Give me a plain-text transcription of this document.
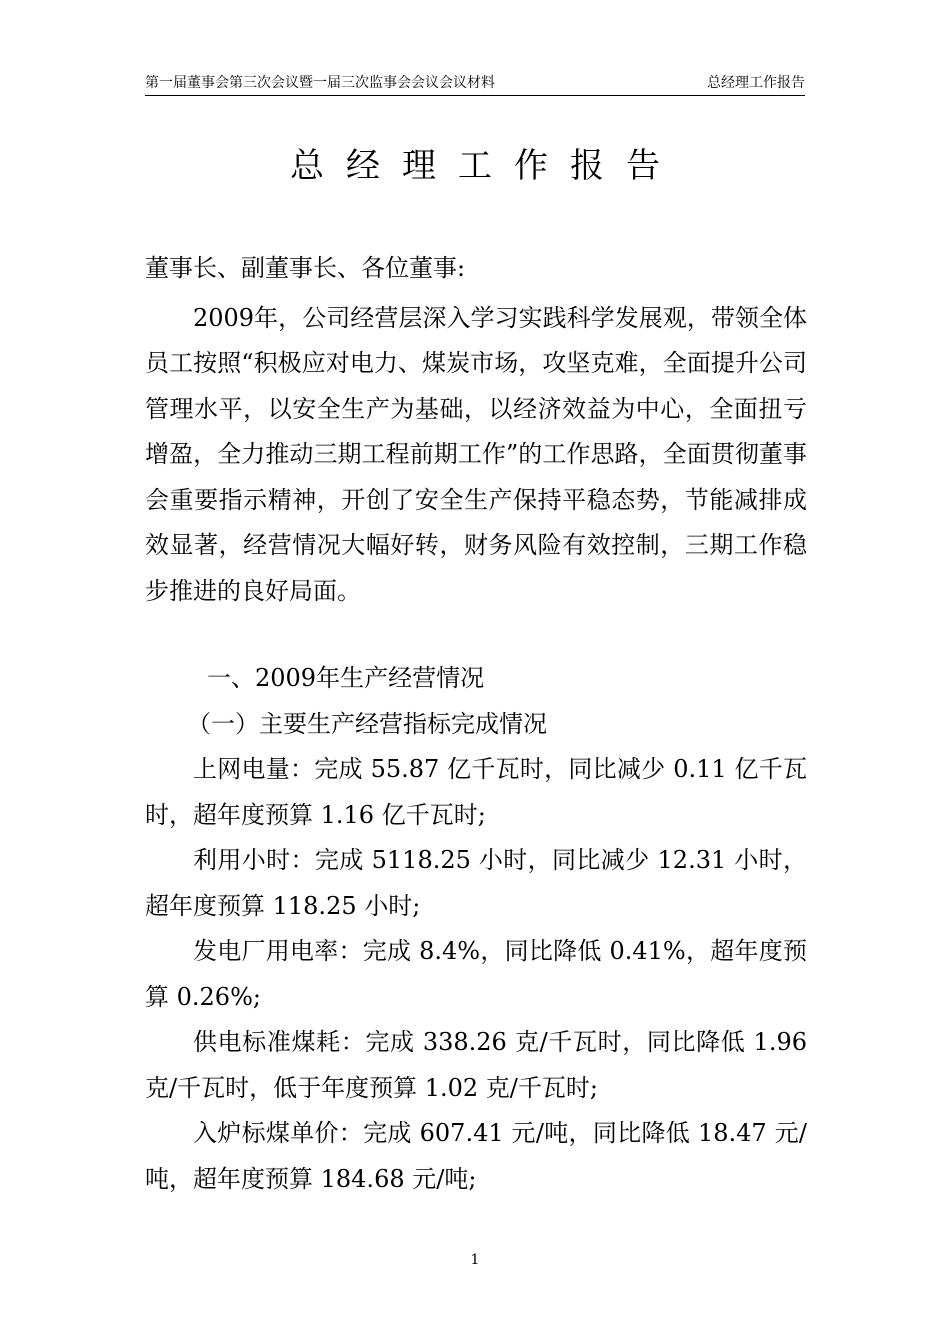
第一届董事会第三次会议暨一届三次监事会会议会议材料	总经理工作报告
总经理工作报告

董事长、副董事长、各位董事:

2009年，公司经营层深入学习实践科学发展观，带领全体员工按照“积极应对电力、煤炭市场，攻坚克难，全面提升公司管理水平，以安全生产为基础，以经济效益为中心，全面扭亏增盈，全力推动三期工程前期工作”的工作思路，全面贯彻董事会重要指示精神，开创了安全生产保持平稳态势，节能减排成效显著，经营情况大幅好转，财务风险有效控制，三期工作稳步推进的良好局面。

一、2009年生产经营情况

（一）主要生产经营指标完成情况

上网电量：完成 55.87 亿千瓦时，同比减少 0.11 亿千瓦时，超年度预算 1.16 亿千瓦时;

利用小时：完成 5118.25 小时，同比减少 12.31 小时，超年度预算 118.25 小时;

发电厂用电率：完成 8.4%，同比降低 0.41%，超年度预算 0.26%;

供电标准煤耗：完成 338.26 克/千瓦时，同比降低 1.96 克/千瓦时，低于年度预算 1.02 克/千瓦时;

入炉标煤单价：完成 607.41 元/吨，同比降低 18.47 元/吨，超年度预算 184.68 元/吨;

1
